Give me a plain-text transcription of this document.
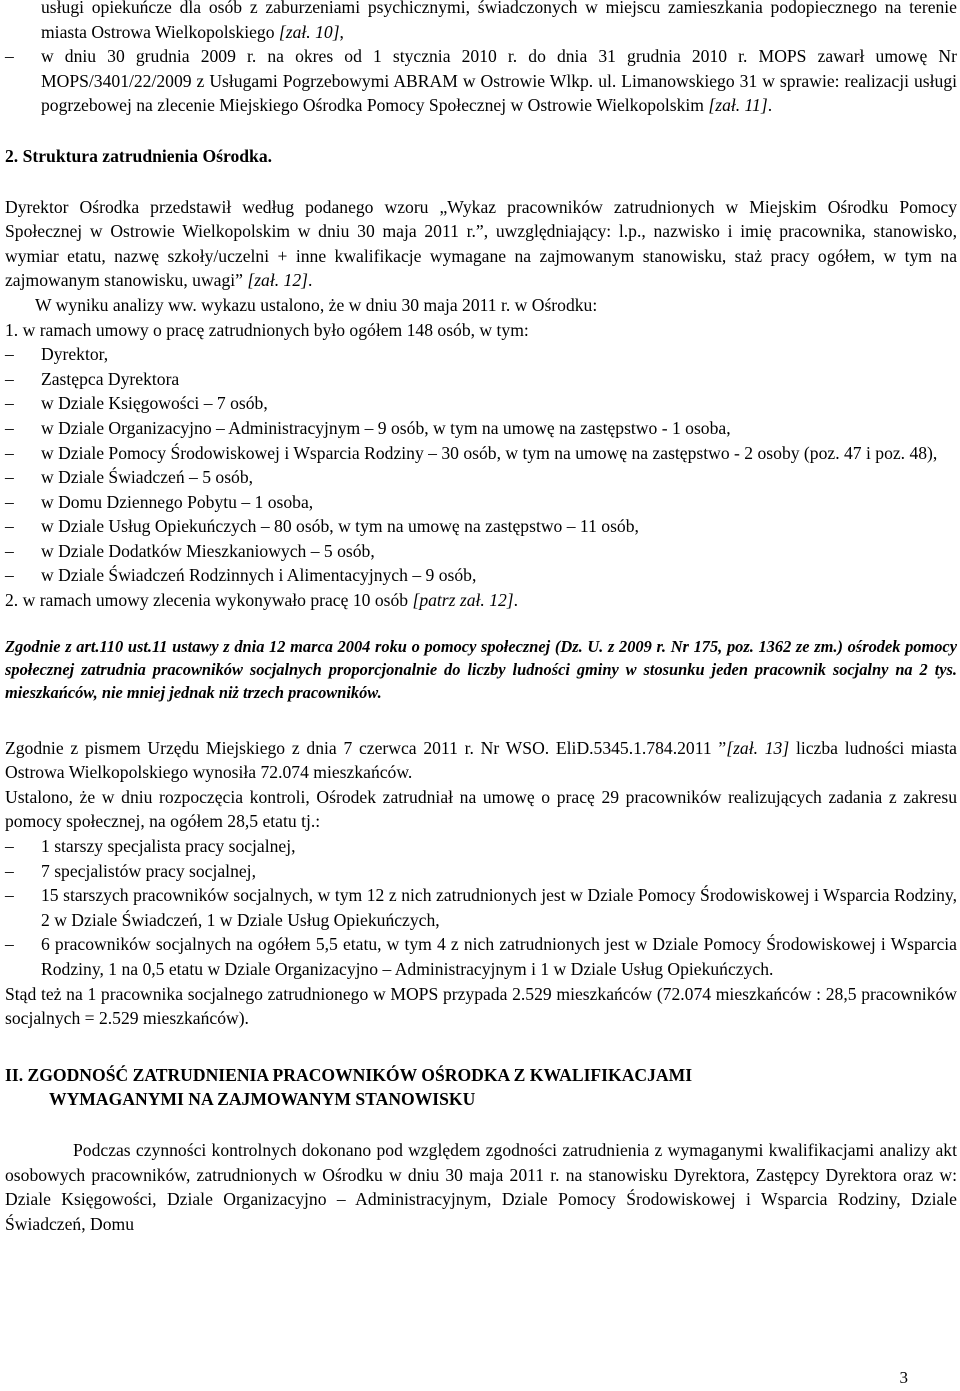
usługi opiekuńcze dla osób z zaburzeniami psychicznymi, świadczonych w miejscu zamieszkania podopiecznego na terenie miasta Ostrowa Wielkopolskiego [zał. 10],
– w dniu 30 grudnia 2009 r. na okres od 1 stycznia 2010 r. do dnia 31 grudnia 2010 r. MOPS zawarł umowę Nr MOPS/3401/22/2009 z Usługami Pogrzebowymi ABRAM w Ostrowie Wlkp. ul. Limanowskiego 31 w sprawie: realizacji usługi pogrzebowej na zlecenie Miejskiego Ośrodka Pomocy Społecznej w Ostrowie Wielkopolskim [zał. 11].

2. Struktura zatrudnienia Ośrodka.

Dyrektor Ośrodka przedstawił według podanego wzoru „Wykaz pracowników zatrudnionych w Miejskim Ośrodku Pomocy Społecznej w Ostrowie Wielkopolskim w dniu 30 maja 2011 r.”, uwzględniający: l.p., nazwisko i imię pracownika, stanowisko, wymiar etatu, nazwę szkoły/uczelni + inne kwalifikacje wymagane na zajmowanym stanowisku, staż pracy ogółem, w tym na zajmowanym stanowisku, uwagi” [zał. 12].

W wyniku analizy ww. wykazu ustalono, że w dniu 30 maja 2011 r. w Ośrodku:

1. w ramach umowy o pracę zatrudnionych było ogółem 148 osób, w tym:

– Dyrektor,
– Zastępca Dyrektora
– w Dziale Księgowości – 7 osób,
– w Dziale Organizacyjno – Administracyjnym – 9 osób, w tym na umowę na zastępstwo - 1 osoba,
– w Dziale Pomocy Środowiskowej i Wsparcia Rodziny – 30 osób, w tym na umowę na zastępstwo - 2 osoby (poz. 47 i poz. 48),
– w Dziale Świadczeń – 5 osób,
– w Domu Dziennego Pobytu – 1 osoba,
– w Dziale Usług Opiekuńczych – 80 osób, w tym na umowę na zastępstwo – 11 osób,
– w Dziale Dodatków Mieszkaniowych – 5 osób,
– w Dziale Świadczeń Rodzinnych i Alimentacyjnych – 9 osób,

2. w ramach umowy zlecenia wykonywało pracę 10 osób [patrz zał. 12].

Zgodnie z art.110 ust.11 ustawy z dnia 12 marca 2004 roku o pomocy społecznej (Dz. U. z 2009 r. Nr 175, poz. 1362 ze zm.) ośrodek pomocy społecznej zatrudnia pracowników socjalnych proporcjonalnie do liczby ludności gminy w stosunku jeden pracownik socjalny na 2 tys. mieszkańców, nie mniej jednak niż trzech pracowników.

Zgodnie z pismem Urzędu Miejskiego z dnia 7 czerwca 2011 r. Nr WSO. EliD.5345.1.784.2011 ”[zał. 13] liczba ludności miasta Ostrowa Wielkopolskiego wynosiła 72.074 mieszkańców.

Ustalono, że w dniu rozpoczęcia kontroli, Ośrodek zatrudniał na umowę o pracę 29 pracowników realizujących zadania z zakresu pomocy społecznej, na ogółem 28,5 etatu tj.:

– 1 starszy specjalista pracy socjalnej,
– 7 specjalistów pracy socjalnej,
– 15 starszych pracowników socjalnych, w tym 12 z nich zatrudnionych jest w Dziale Pomocy Środowiskowej i Wsparcia Rodziny, 2 w Dziale Świadczeń, 1 w Dziale Usług Opiekuńczych,
– 6 pracowników socjalnych na ogółem 5,5 etatu, w tym 4 z nich zatrudnionych jest w Dziale Pomocy Środowiskowej i Wsparcia Rodziny, 1 na 0,5 etatu w Dziale Organizacyjno – Administracyjnym i 1 w Dziale Usług Opiekuńczych.

Stąd też na 1 pracownika socjalnego zatrudnionego w MOPS przypada 2.529 mieszkańców (72.074 mieszkańców : 28,5 pracowników socjalnych = 2.529 mieszkańców).

II. ZGODNOŚĆ ZATRUDNIENIA PRACOWNIKÓW OŚRODKA Z KWALIFIKACJAMI
WYMAGANYMI NA ZAJMOWANYM STANOWISKU

Podczas czynności kontrolnych dokonano pod względem zgodności zatrudnienia z wymaganymi kwalifikacjami analizy akt osobowych pracowników, zatrudnionych w Ośrodku w dniu 30 maja 2011 r. na stanowisku Dyrektora, Zastępcy Dyrektora oraz w: Dziale Księgowości, Dziale Organizacyjno – Administracyjnym, Dziale Pomocy Środowiskowej i Wsparcia Rodziny, Dziale Świadczeń, Domu

3
